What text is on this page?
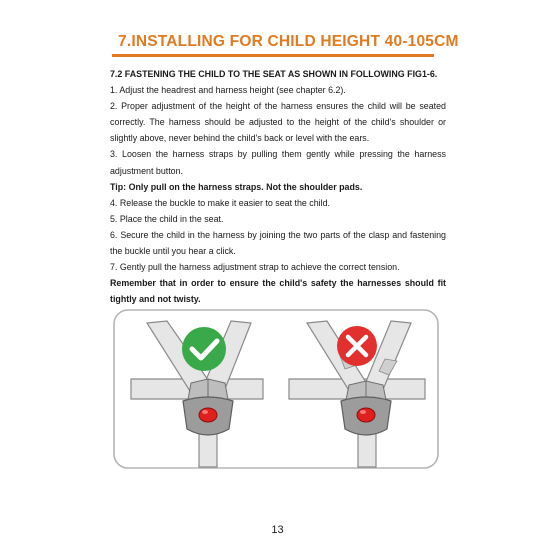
7.INSTALLING FOR CHILD HEIGHT 40-105CM

7.2 FASTENING THE CHILD TO THE SEAT AS SHOWN IN FOLLOWING FIG1-6.

1. Adjust the headrest and harness height (see chapter 6.2).

2. Proper adjustment of the height of the harness ensures the child will be seated correctly. The harness should be adjusted to the height of the child's shoulder or slightly above, never behind the child's back or level with the ears.

3. Loosen the harness straps by pulling them gently while pressing the harness adjustment button.

Tip: Only pull on the harness straps. Not the shoulder pads.

4. Release the buckle to make it easier to seat the child.

5. Place the child in the seat.

6. Secure the child in the harness by joining the two parts of the clasp and fastening the buckle until you hear a click.

7. Gently pull the harness adjustment strap to achieve the correct tension.

Remember that in order to ensure the child's safety the harnesses should fit tightly and not twisty.

13
